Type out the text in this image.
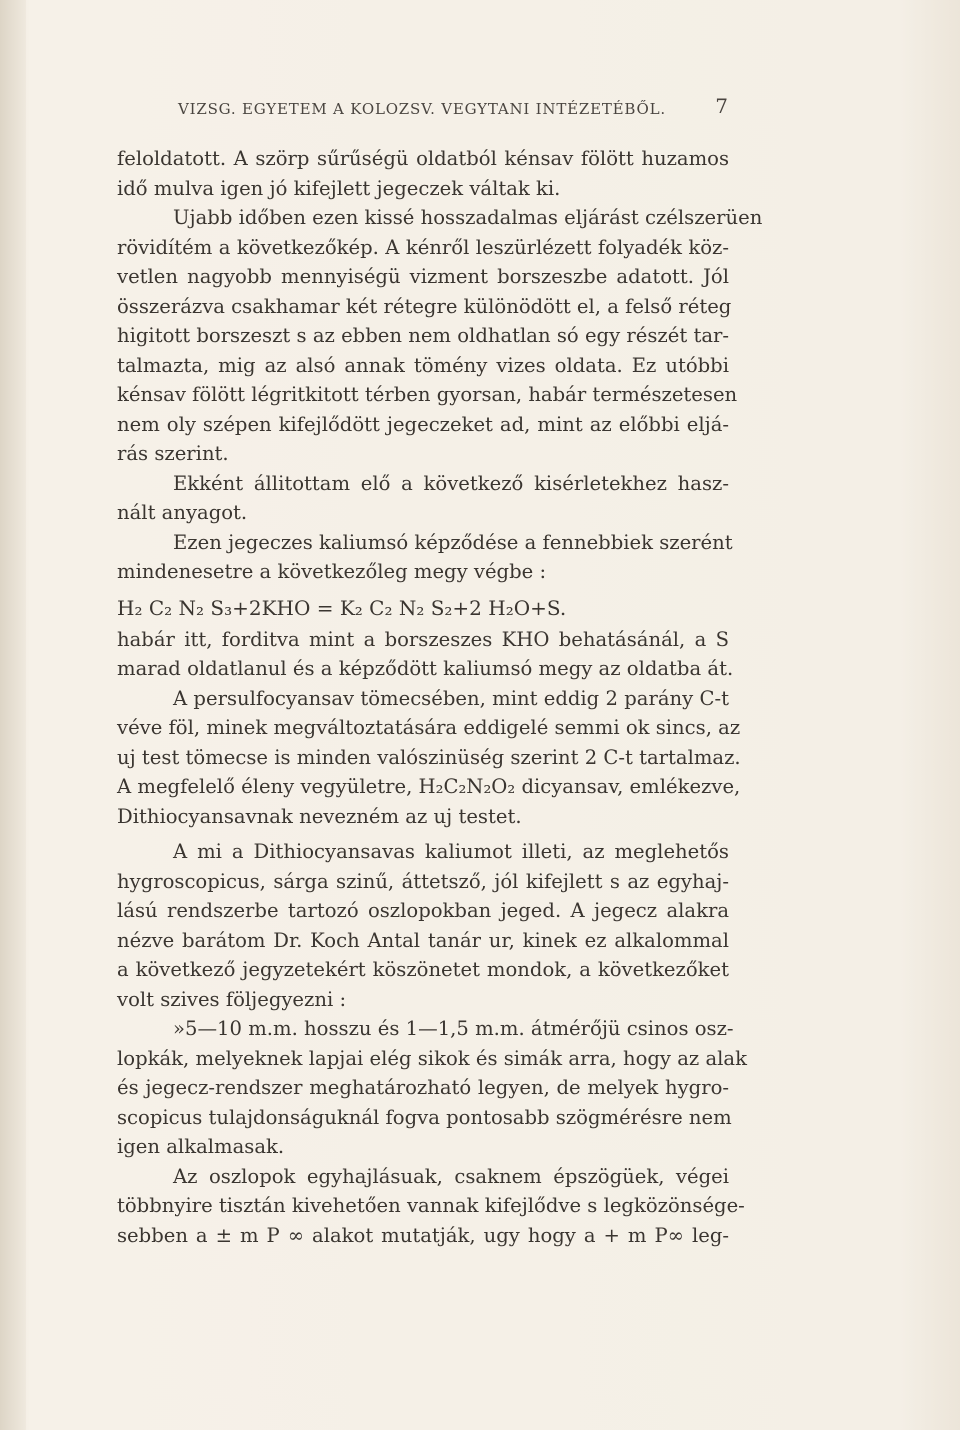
VIZSG. EGYETEM A KOLOZSV. VEGYTANI INTÉZETÉBŐL. 7
feloldatott. A szörp sűrűségü oldatból kénsav fölött huzamos
idő mulva igen jó kifejlett jegeczek váltak ki.
Ujabb időben ezen kissé hosszadalmas eljárást czélszerüen
rövidítém a következőkép. A kénről leszürlézett folyadék köz-
vetlen nagyobb mennyiségü vizment borszeszbe adatott. Jól
összerázva csakhamar két rétegre különödött el, a felső réteg
higitott borszeszt s az ebben nem oldhatlan só egy részét tar-
talmazta, mig az alsó annak tömény vizes oldata. Ez utóbbi
kénsav fölött légritkitott térben gyorsan, habár természetesen
nem oly szépen kifejlődött jegeczeket ad, mint az előbbi eljá-
rás szerint.
Ekként állitottam elő a következő kisérletekhez hasz-
nált anyagot.
Ezen jegeczes kaliumsó képződése a fennebbiek szerént
mindenesetre a következőleg megy végbe :
H₂ C₂ N₂ S₃+2KHO = K₂ C₂ N₂ S₂+2 H₂O+S.
habár itt, forditva mint a borszeszes KHO behatásánál, a S
marad oldatlanul és a képződött kaliumsó megy az oldatba át.
A persulfocyansav tömecsében, mint eddig 2 parány C-t
véve föl, minek megváltoztatására eddigelé semmi ok sincs, az
uj test tömecse is minden valószinüség szerint 2 C-t tartalmaz.
A megfelelő éleny vegyületre, H₂C₂N₂O₂ dicyansav, emlékezve,
Dithiocyansavnak nevezném az uj testet.
A mi a Dithiocyansavas kaliumot illeti, az meglehetős
hygroscopicus, sárga szinű, áttetsző, jól kifejlett s az egyhaj-
lású rendszerbe tartozó oszlopokban jeged. A jegecz alakra
nézve barátom Dr. Koch Antal tanár ur, kinek ez alkalommal
a következő jegyzetekért köszönetet mondok, a következőket
volt szives följegyezni :
»5—10 m.m. hosszu és 1—1,5 m.m. átmérőjü csinos osz-
lopkák, melyeknek lapjai elég sikok és simák arra, hogy az alak
és jegecz-rendszer meghatározható legyen, de melyek hygro-
scopicus tulajdonságuknál fogva pontosabb szögmérésre nem
igen alkalmasak.
Az oszlopok egyhajlásuak, csaknem épszögüek, végei
többnyire tisztán kivehetően vannak kifejlődve s legközönsége-
sebben a ± m P ∞ alakot mutatják, ugy hogy a + m P∞ leg-
